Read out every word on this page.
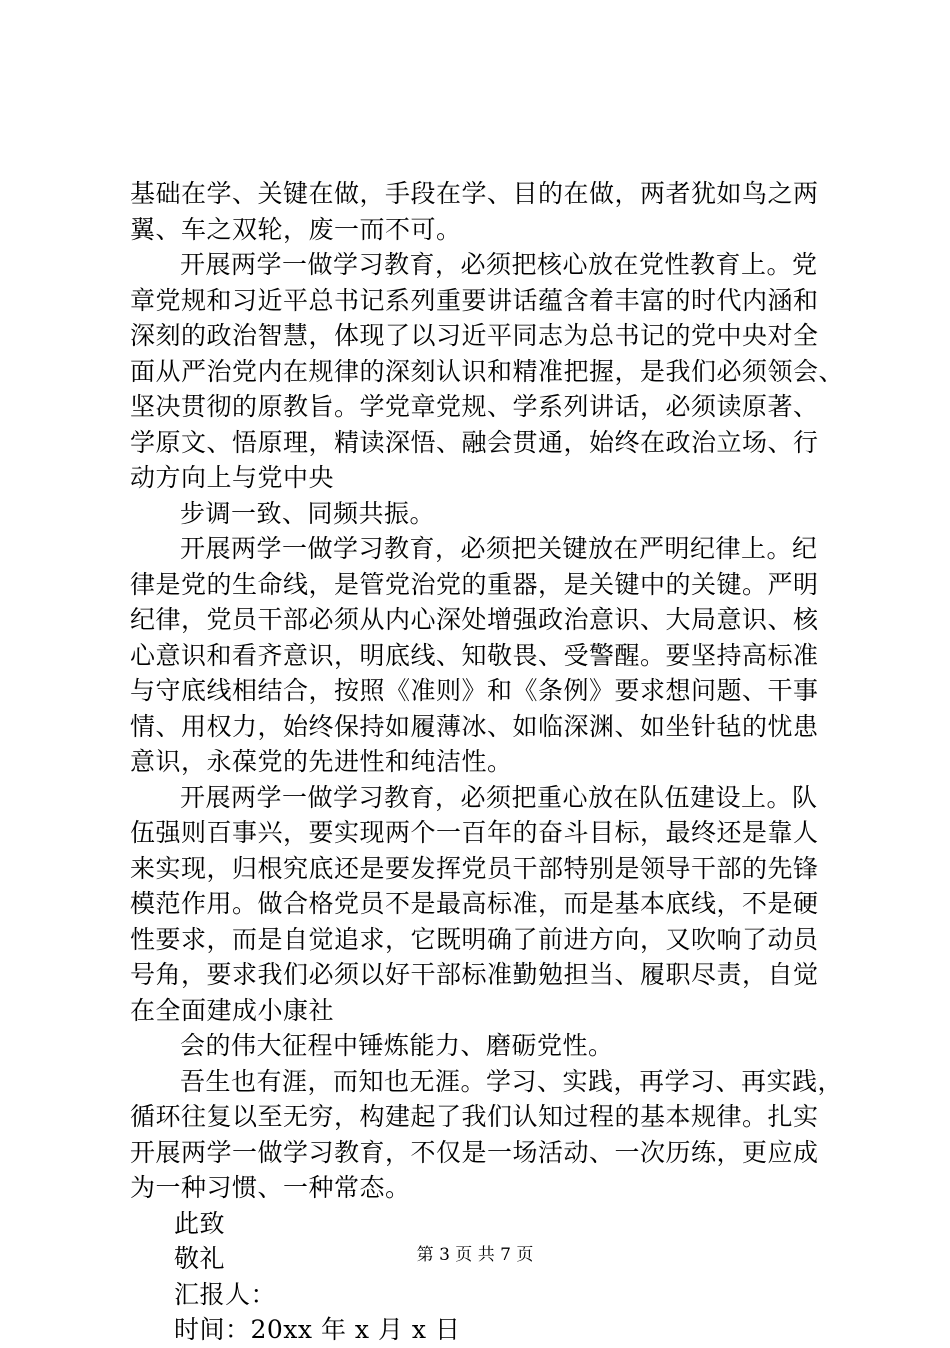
基础在学、关键在做，手段在学、目的在做，两者犹如鸟之两
翼、车之双轮，废一而不可。
开展两学一做学习教育，必须把核心放在党性教育上。党
章党规和习近平总书记系列重要讲话蕴含着丰富的时代内涵和
深刻的政治智慧，体现了以习近平同志为总书记的党中央对全
面从严治党内在规律的深刻认识和精准把握，是我们必须领会、
坚决贯彻的原教旨。学党章党规、学系列讲话，必须读原著、
学原文、悟原理，精读深悟、融会贯通，始终在政治立场、行
动方向上与党中央
步调一致、同频共振。
开展两学一做学习教育，必须把关键放在严明纪律上。纪
律是党的生命线，是管党治党的重器，是关键中的关键。严明
纪律，党员干部必须从内心深处增强政治意识、大局意识、核
心意识和看齐意识，明底线、知敬畏、受警醒。要坚持高标准
与守底线相结合，按照《准则》和《条例》要求想问题、干事
情、用权力，始终保持如履薄冰、如临深渊、如坐针毡的忧患
意识，永葆党的先进性和纯洁性。
开展两学一做学习教育，必须把重心放在队伍建设上。队
伍强则百事兴，要实现两个一百年的奋斗目标，最终还是靠人
来实现，归根究底还是要发挥党员干部特别是领导干部的先锋
模范作用。做合格党员不是最高标准，而是基本底线，不是硬
性要求，而是自觉追求，它既明确了前进方向，又吹响了动员
号角，要求我们必须以好干部标准勤勉担当、履职尽责，自觉
在全面建成小康社
会的伟大征程中锤炼能力、磨砺党性。
吾生也有涯，而知也无涯。学习、实践，再学习、再实践，
循环往复以至无穷，构建起了我们认知过程的基本规律。扎实
开展两学一做学习教育，不仅是一场活动、一次历练，更应成
为一种习惯、一种常态。
此致
敬礼
汇报人：
时间：20xx 年 x 月 x 日
第 3 页 共 7 页
